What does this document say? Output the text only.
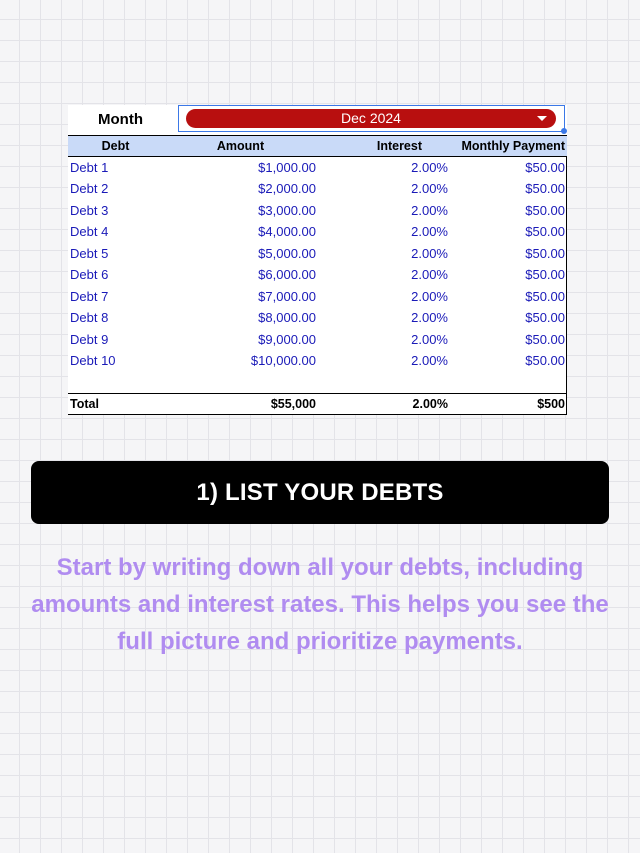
Month	Dec 2024
Debt	Amount	Interest	Monthly Payment
Debt 1	$1,000.00	2.00%	$50.00
Debt 2	$2,000.00	2.00%	$50.00
Debt 3	$3,000.00	2.00%	$50.00
Debt 4	$4,000.00	2.00%	$50.00
Debt 5	$5,000.00	2.00%	$50.00
Debt 6	$6,000.00	2.00%	$50.00
Debt 7	$7,000.00	2.00%	$50.00
Debt 8	$8,000.00	2.00%	$50.00
Debt 9	$9,000.00	2.00%	$50.00
Debt 10	$10,000.00	2.00%	$50.00

Total	$55,000	2.00%	$500
1) LIST YOUR DEBTS
Start by writing down all your debts, including amounts and interest rates. This helps you see the full picture and prioritize payments.
